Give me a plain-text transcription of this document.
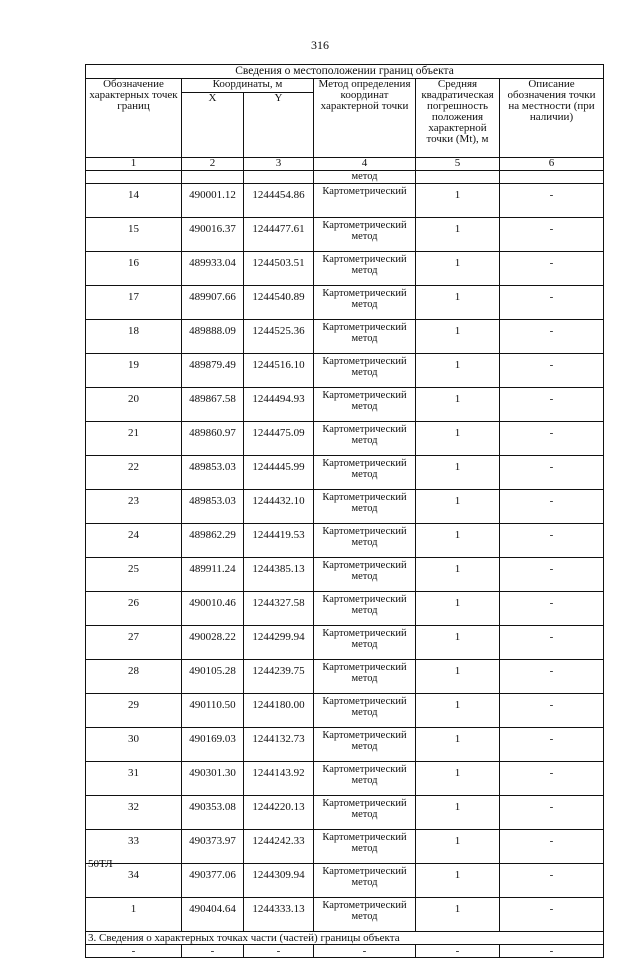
316
Сведения о местоположении границ объекта					
Обозначение характерных точек границ	Координаты, м		Метод определения координат характерной точки	Средняя квадратическая погрешность положения характерной точки (Mt), м	Описание обозначения точки на местности (при наличии)
	X	Y			
1	2	3	4	5	6
			метод		
14	490001.12	1244454.86	Картометрический	1	-
15	490016.37	1244477.61	Картометрический метод	1	-
16	489933.04	1244503.51	Картометрический метод	1	-
17	489907.66	1244540.89	Картометрический метод	1	-
18	489888.09	1244525.36	Картометрический метод	1	-
19	489879.49	1244516.10	Картометрический метод	1	-
20	489867.58	1244494.93	Картометрический метод	1	-
21	489860.97	1244475.09	Картометрический метод	1	-
22	489853.03	1244445.99	Картометрический метод	1	-
23	489853.03	1244432.10	Картометрический метод	1	-
24	489862.29	1244419.53	Картометрический метод	1	-
25	489911.24	1244385.13	Картометрический метод	1	-
26	490010.46	1244327.58	Картометрический метод	1	-
27	490028.22	1244299.94	Картометрический метод	1	-
28	490105.28	1244239.75	Картометрический метод	1	-
29	490110.50	1244180.00	Картометрический метод	1	-
30	490169.03	1244132.73	Картометрический метод	1	-
31	490301.30	1244143.92	Картометрический метод	1	-
32	490353.08	1244220.13	Картометрический метод	1	-
33	490373.97	1244242.33	Картометрический метод	1	-
34	490377.06	1244309.94	Картометрический метод	1	-
1	490404.64	1244333.13	Картометрический метод	1	-
3. Сведения о характерных точках части (частей) границы объекта					
-	-	-	-	-	-
50ТЛ
